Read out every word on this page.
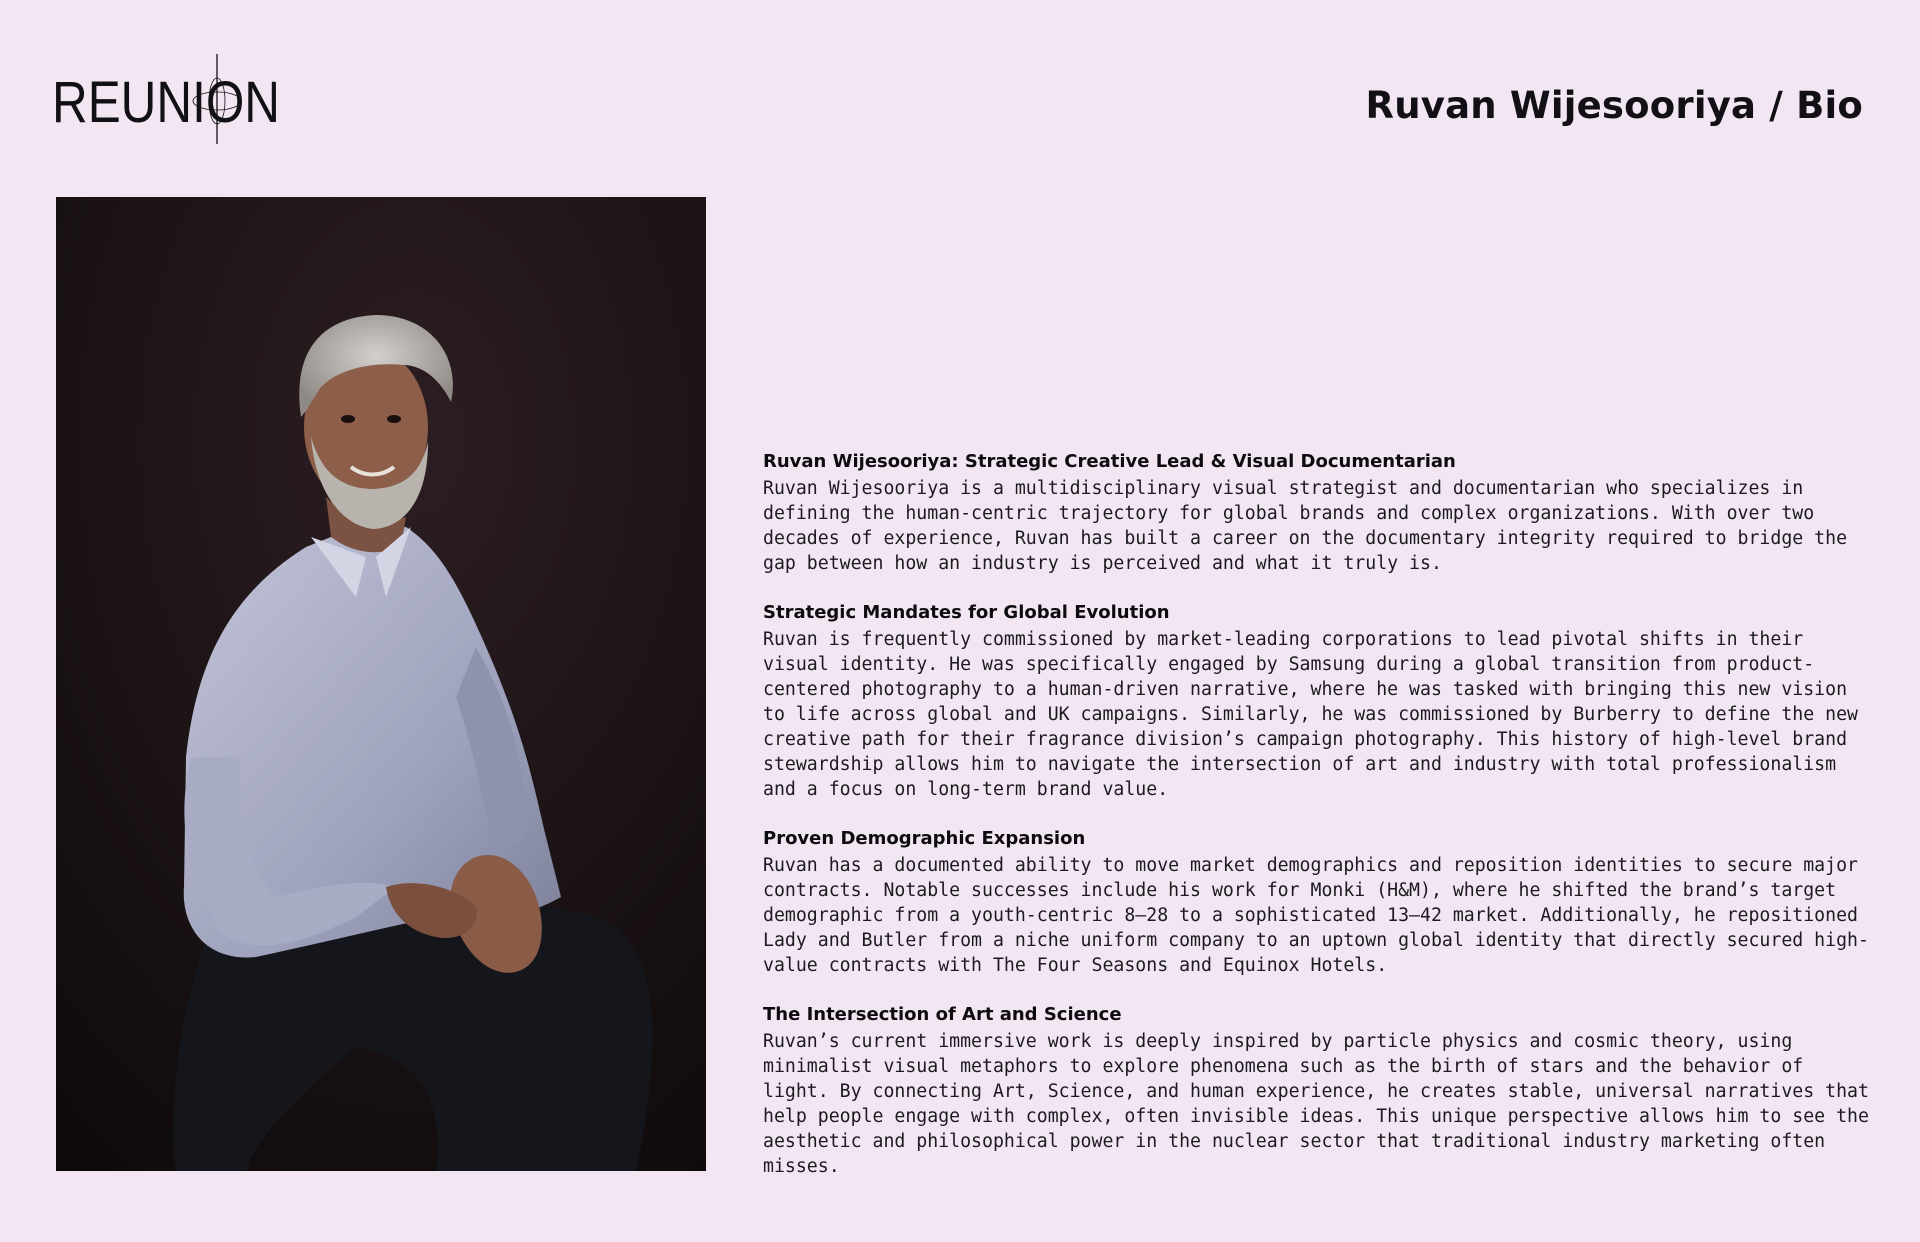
REUNION	Ruvan Wijesooriya / Bio
Ruvan Wijesooriya: Strategic Creative Lead & Visual Documentarian

Ruvan Wijesooriya is a multidisciplinary visual strategist and documentarian who specializes in defining the human-centric trajectory for global brands and complex organizations. With over two decades of experience, Ruvan has built a career on the documentary integrity required to bridge the gap between how an industry is perceived and what it truly is.

Strategic Mandates for Global Evolution

Ruvan is frequently commissioned by market-leading corporations to lead pivotal shifts in their visual identity. He was specifically engaged by Samsung during a global transition from product-centered photography to a human-driven narrative, where he was tasked with bringing this new vision to life across global and UK campaigns. Similarly, he was commissioned by Burberry to define the new creative path for their fragrance division’s campaign photography. This history of high-level brand stewardship allows him to navigate the intersection of art and industry with total professionalism and a focus on long-term brand value.

Proven Demographic Expansion

Ruvan has a documented ability to move market demographics and reposition identities to secure major contracts. Notable successes include his work for Monki (H&M), where he shifted the brand’s target demographic from a youth-centric 8–28 to a sophisticated 13–42 market. Additionally, he repositioned Lady and Butler from a niche uniform company to an uptown global identity that directly secured high-value contracts with The Four Seasons and Equinox Hotels.

The Intersection of Art and Science

Ruvan’s current immersive work is deeply inspired by particle physics and cosmic theory, using minimalist visual metaphors to explore phenomena such as the birth of stars and the behavior of light. By connecting Art, Science, and human experience, he creates stable, universal narratives that help people engage with complex, often invisible ideas. This unique perspective allows him to see the aesthetic and philosophical power in the nuclear sector that traditional industry marketing often misses.
